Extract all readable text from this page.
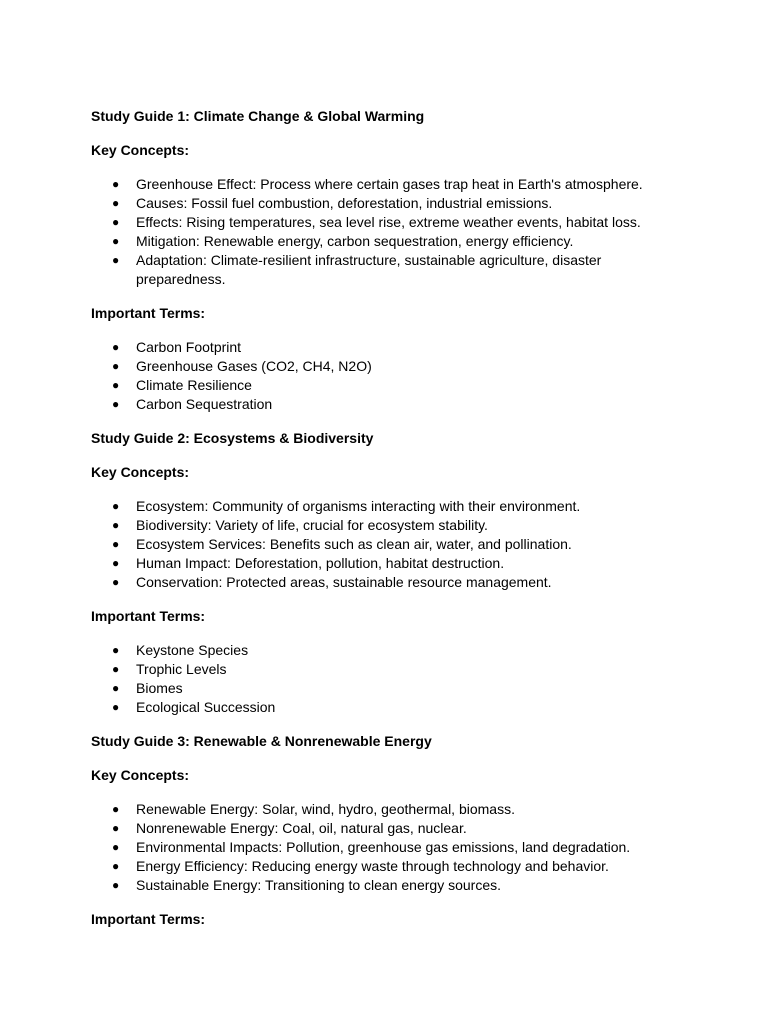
Study Guide 1: Climate Change & Global Warming

Key Concepts:

● Greenhouse Effect: Process where certain gases trap heat in Earth's atmosphere.
● Causes: Fossil fuel combustion, deforestation, industrial emissions.
● Effects: Rising temperatures, sea level rise, extreme weather events, habitat loss.
● Mitigation: Renewable energy, carbon sequestration, energy efficiency.
● Adaptation: Climate-resilient infrastructure, sustainable agriculture, disaster preparedness.

Important Terms:

● Carbon Footprint
● Greenhouse Gases (CO2, CH4, N2O)
● Climate Resilience
● Carbon Sequestration

Study Guide 2: Ecosystems & Biodiversity

Key Concepts:

● Ecosystem: Community of organisms interacting with their environment.
● Biodiversity: Variety of life, crucial for ecosystem stability.
● Ecosystem Services: Benefits such as clean air, water, and pollination.
● Human Impact: Deforestation, pollution, habitat destruction.
● Conservation: Protected areas, sustainable resource management.

Important Terms:

● Keystone Species
● Trophic Levels
● Biomes
● Ecological Succession

Study Guide 3: Renewable & Nonrenewable Energy

Key Concepts:

● Renewable Energy: Solar, wind, hydro, geothermal, biomass.
● Nonrenewable Energy: Coal, oil, natural gas, nuclear.
● Environmental Impacts: Pollution, greenhouse gas emissions, land degradation.
● Energy Efficiency: Reducing energy waste through technology and behavior.
● Sustainable Energy: Transitioning to clean energy sources.

Important Terms:
